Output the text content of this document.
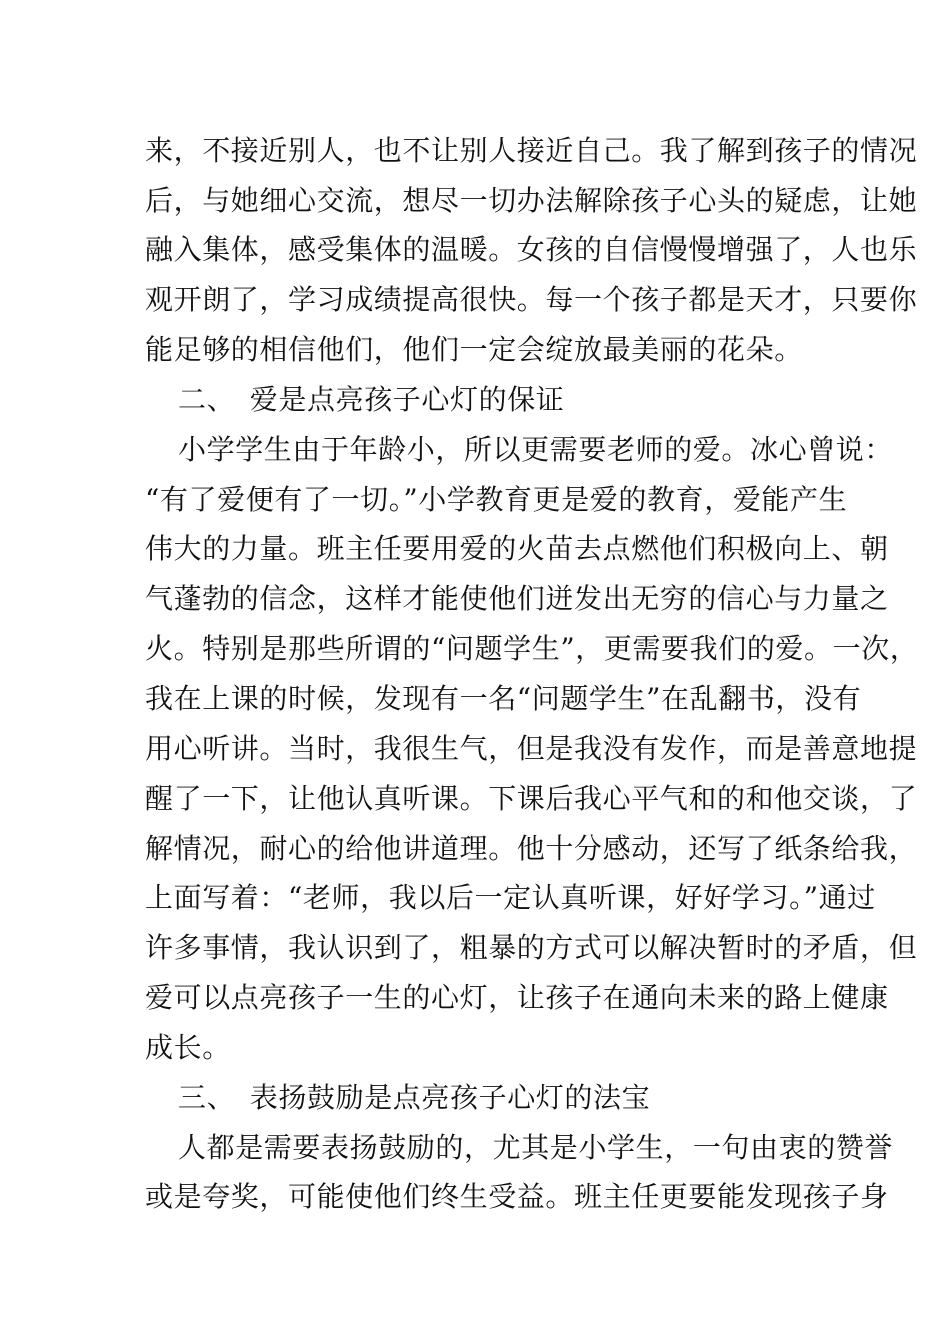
来，不接近别人，也不让别人接近自己。我了解到孩子的情况
后，与她细心交流，想尽一切办法解除孩子心头的疑虑，让她
融入集体，感受集体的温暖。女孩的自信慢慢增强了，人也乐
观开朗了，学习成绩提高很快。每一个孩子都是天才，只要你
能足够的相信他们，他们一定会绽放最美丽的花朵。
二、　爱是点亮孩子心灯的保证
小学学生由于年龄小，所以更需要老师的爱。冰心曾说：
“有了爱便有了一切。”小学教育更是爱的教育，爱能产生
伟大的力量。班主任要用爱的火苗去点燃他们积极向上、朝
气蓬勃的信念，这样才能使他们迸发出无穷的信心与力量之
火。特别是那些所谓的“问题学生”，更需要我们的爱。一次，
我在上课的时候，发现有一名“问题学生”在乱翻书，没有
用心听讲。当时，我很生气，但是我没有发作，而是善意地提
醒了一下，让他认真听课。下课后我心平气和的和他交谈，了
解情况，耐心的给他讲道理。他十分感动，还写了纸条给我，
上面写着：“老师，我以后一定认真听课，好好学习。”通过
许多事情，我认识到了，粗暴的方式可以解决暂时的矛盾，但
爱可以点亮孩子一生的心灯，让孩子在通向未来的路上健康
成长。
三、　表扬鼓励是点亮孩子心灯的法宝
人都是需要表扬鼓励的，尤其是小学生，一句由衷的赞誉
或是夸奖，可能使他们终生受益。班主任更要能发现孩子身
